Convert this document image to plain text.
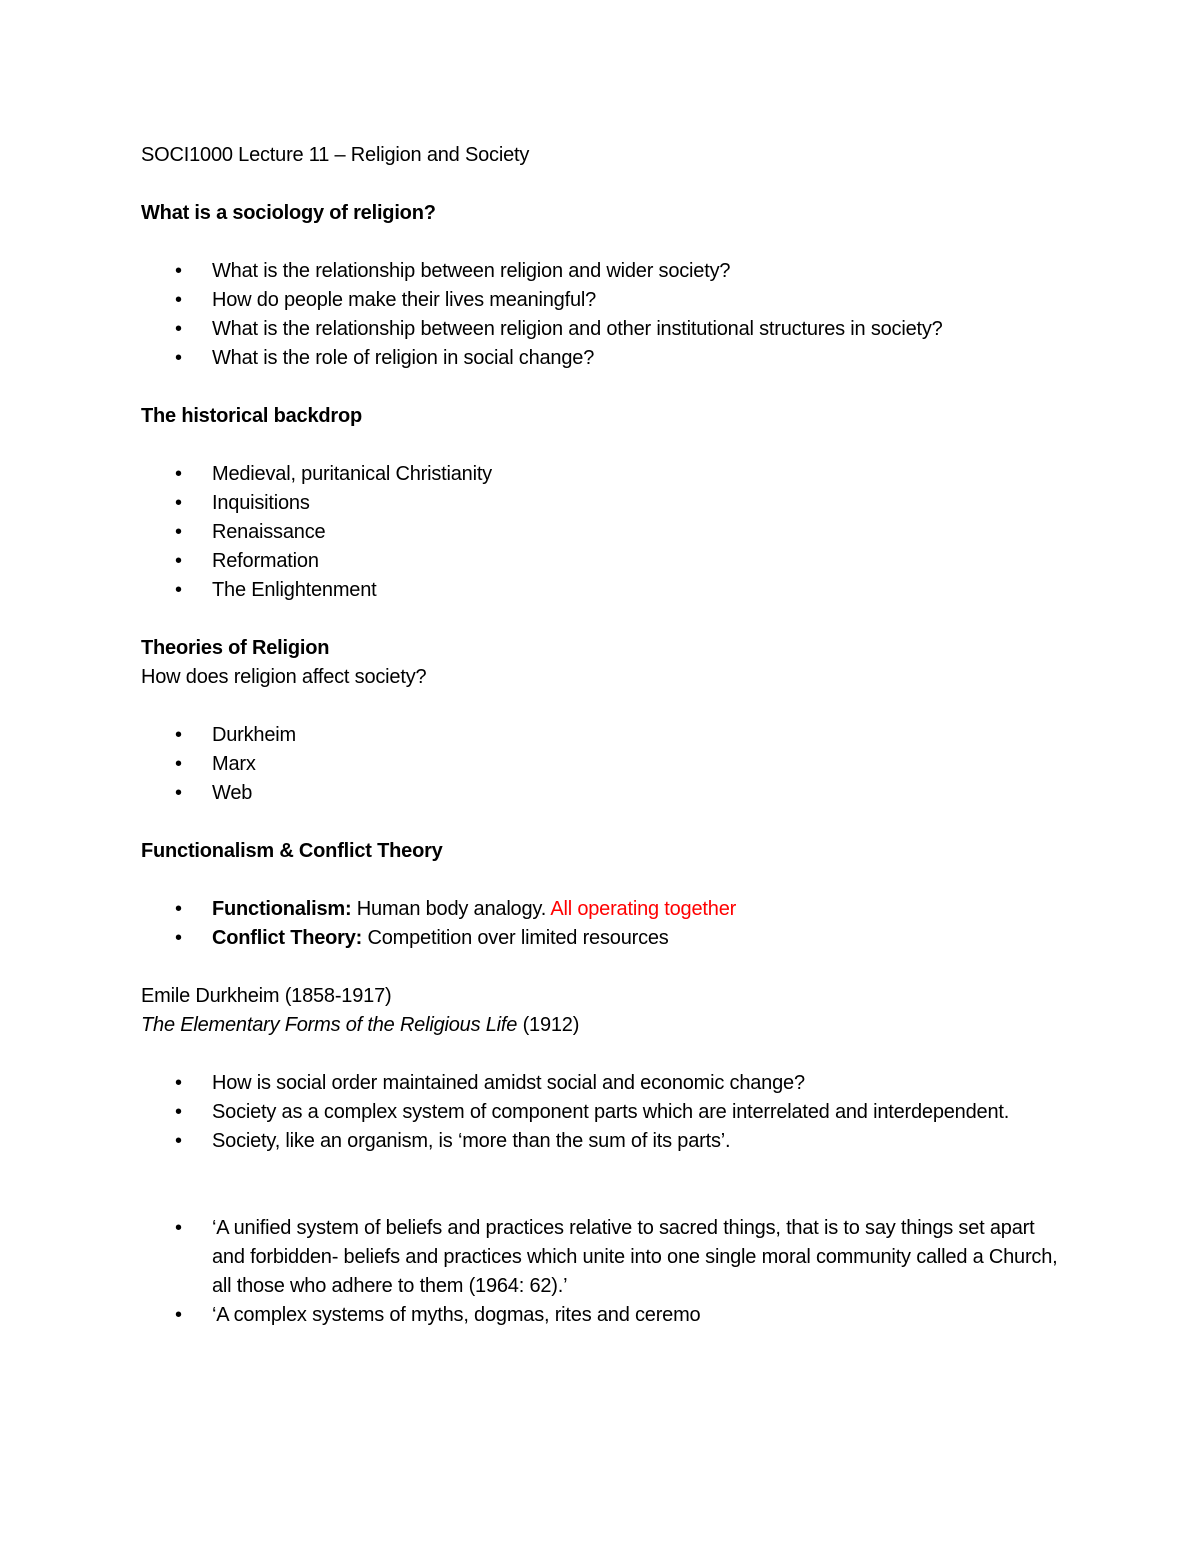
SOCI1000 Lecture 11 – Religion and Society

What is a sociology of religion?

•	What is the relationship between religion and wider society?
•	How do people make their lives meaningful?
•	What is the relationship between religion and other institutional structures in society?
•	What is the role of religion in social change?

The historical backdrop

•	Medieval, puritanical Christianity
•	Inquisitions
•	Renaissance
•	Reformation
•	The Enlightenment

Theories of Religion

How does religion affect society?

•	Durkheim
•	Marx
•	Web

Functionalism & Conflict Theory

•	Functionalism: Human body analogy. All operating together
•	Conflict Theory: Competition over limited resources

Emile Durkheim (1858-1917)

The Elementary Forms of the Religious Life (1912)

•	How is social order maintained amidst social and economic change?
•	Society as a complex system of component parts which are interrelated and interdependent.
•	Society, like an organism, is ‘more than the sum of its parts’.
•	‘A unified system of beliefs and practices relative to sacred things, that is to say things set apart and forbidden- beliefs and practices which unite into one single moral community called a Church, all those who adhere to them (1964: 62).’
•	‘A complex systems of myths, dogmas, rites and ceremo
